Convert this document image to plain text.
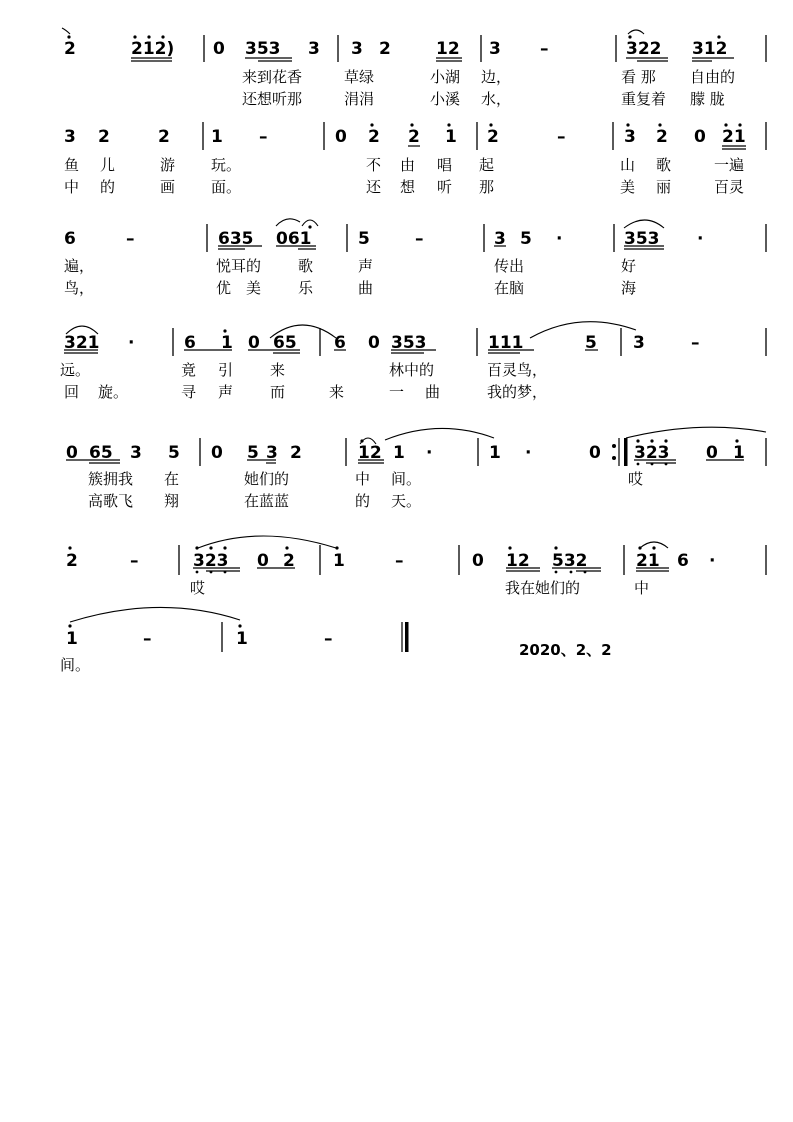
2	212) 0 353 3 3 2	12 3 –	322 312
来到花香	草绿	小湖 边，	看 那 自由的
还想听那	涓涓	小溪 水，	重复着 朦 胧
3 2	2 1 –	0 2 2 1 2	–	3 2 0 21
鱼 儿	游 玩。	不 由 唱 起	山 歌	一遍
中 的	画 面。	还 想 听 那	美 丽	百灵
6	–	635 061	5	–	3 5 ·	353 ·
遍，	悦耳的 歌	声	传出	好
鸟，	优 美 乐	曲	在脑	海
321 ·	6 1 0 65 6 0 353	111	5 3	–
远。	竟 引 来	林中的	百灵鸟，
回 旋。	寻 声 而	来	一 曲	我的梦，
0 65 3 5 0 5 3 2	12 1 ·	1 ·	0 323 0 1
簇拥我 在	她们的	中 间。	哎
高歌飞 翔	在蓝蓝	的 天。
2	–	323 0 2 1	–	0 12 532	21 6 ·
哎	我在她们的	中
1	–	1	–
间。
2020、2、2
